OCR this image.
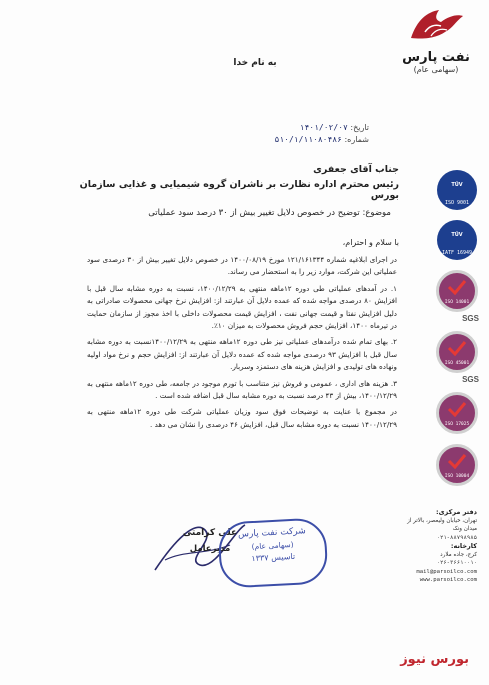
نفت پارس
(سهامی عام)
به نام خدا
تاریخ: ۱۴۰۱/۰۲/۰۷
شماره: ۵۱۰/۱/۱۱۰۸۰۴۸۶
جناب آقای جعفری
رئیس محترم اداره نظارت بر ناشران گروه شیمیایی و غذایی سازمان بورس
موضوع: توضیح در خصوص دلایل تغییر بیش از ۳۰ درصد سود عملیاتی
با سلام و احترام،

در اجرای ابلاغیه شماره ۱۲۱/۱۶۱۳۴۴ مورخ ۱۴۰۰/۰۸/۱۹ در خصوص دلایل تغییر بیش از ۳۰ درصدی سود عملیاتی این شرکت، موارد زیر را به استحضار می رساند.

۱. در آمدهای عملیاتی طی دوره ۱۲ماهه منتهی به ۱۴۰۰/۱۲/۲۹، نسبت به دوره مشابه سال قبل با افزایش ۸۰ درصدی مواجه شده که عمده دلایل آن عبارتند از: افزایش نرخ جهانی محصولات صادراتی به دلیل افزایش نفتا و قیمت جهانی نفت ، افزایش قیمت محصولات داخلی با اخذ مجوز از سازمان حمایت در تیرماه ۱۴۰۰، افزایش حجم فروش محصولات به میزان ۱۰٪.

۲. بهای تمام شده درآمدهای عملیاتی نیز طی دوره ۱۲ماهه منتهی به ۱۴۰۰/۱۲/۲۹نسبت به دوره مشابه سال قبل با افزایش ۹۳ درصدی مواجه شده که عمده دلایل آن عبارتند از: افزایش حجم و نرخ مواد اولیه ونهاده های تولیدی و افزایش هزینه های دستمزد وسربار.

۳. هزینه های اداری ، عمومی و فروش نیز متناسب با تورم موجود در جامعه، طی دوره ۱۲ماهه منتهی به ۱۴۰۰/۱۲/۲۹، بیش از ۴۳ درصد نسبت به دوره مشابه سال قبل اضافه شده است .

در مجموع با عنایت به توضیحات فوق سود وزیان عملیاتی شرکت طی دوره ۱۲ماهه منتهی به ۱۴۰۰/۱۲/۲۹ نسبت به دوره مشابه سال قبل، افزایش ۴۶ درصدی را نشان می دهد .

علی کرامتی
مدیرعامل
شرکت نفت پارس
(سهامی عام)
تاسیس ۱۳۳۷
TÜV
ISO 9001
TÜV
IATF 16949
ISO 14001
SGS
ISO 45001
SGS
ISO 17025
ISO 10004
دفتر مرکزی:
تهران، خیابان ولیعصر، بالاتر از میدان ونک
۰۲۱-۸۸۷۹۸۹۸۵
کارخانه:
کرج، جاده ملارد
۰۲۶-۳۶۶۱۰۰۱۰
mail@parsoilco.com
www.parsoilco.com
بورس نیوز
